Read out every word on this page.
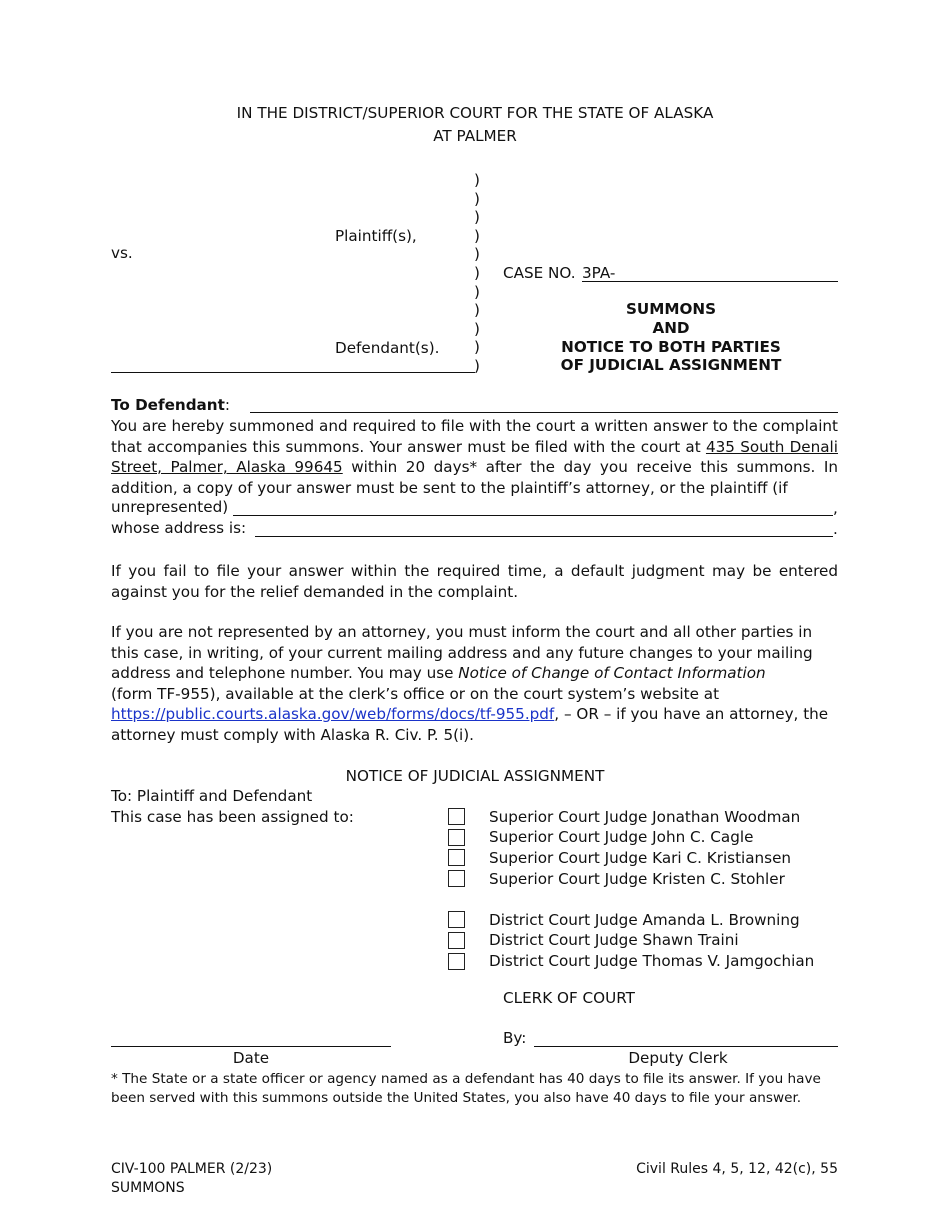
IN THE DISTRICT/SUPERIOR COURT FOR THE STATE OF ALASKA
AT PALMER
Plaintiff(s),
vs.
Defendant(s).
)
)
)
)
)
)
)
)
)
)
)
CASE NO. 3PA-
SUMMONS
AND
NOTICE TO BOTH PARTIES
OF JUDICIAL ASSIGNMENT
To Defendant:
You are hereby summoned and required to file with the court a written answer to the complaint that accompanies this summons. Your answer must be filed with the court at 435 South Denali Street, Palmer, Alaska 99645 within 20 days* after the day you receive this summons. In addition, a copy of your answer must be sent to the plaintiff’s attorney, or the plaintiff (if
unrepresented)	,
whose address is:	.
If you fail to file your answer within the required time, a default judgment may be entered against you for the relief demanded in the complaint.
If you are not represented by an attorney, you must inform the court and all other parties in this case, in writing, of your current mailing address and any future changes to your mailing address and telephone number. You may use Notice of Change of Contact Information
(form TF-955), available at the clerk’s office or on the court system’s website at
https://public.courts.alaska.gov/web/forms/docs/tf-955.pdf, – OR – if you have an attorney, the attorney must comply with Alaska R. Civ. P. 5(i).
NOTICE OF JUDICIAL ASSIGNMENT
To: Plaintiff and Defendant
This case has been assigned to:	Superior Court Judge Jonathan Woodman
Superior Court Judge John C. Cagle
Superior Court Judge Kari C. Kristiansen
Superior Court Judge Kristen C. Stohler
District Court Judge Amanda L. Browning
District Court Judge Shawn Traini
District Court Judge Thomas V. Jamgochian
CLERK OF COURT
By:
Date	Deputy Clerk
* The State or a state officer or agency named as a defendant has 40 days to file its answer. If you have been served with this summons outside the United States, you also have 40 days to file your answer.
CIV-100 PALMER (2/23)
SUMMONS
Civil Rules 4, 5, 12, 42(c), 55
